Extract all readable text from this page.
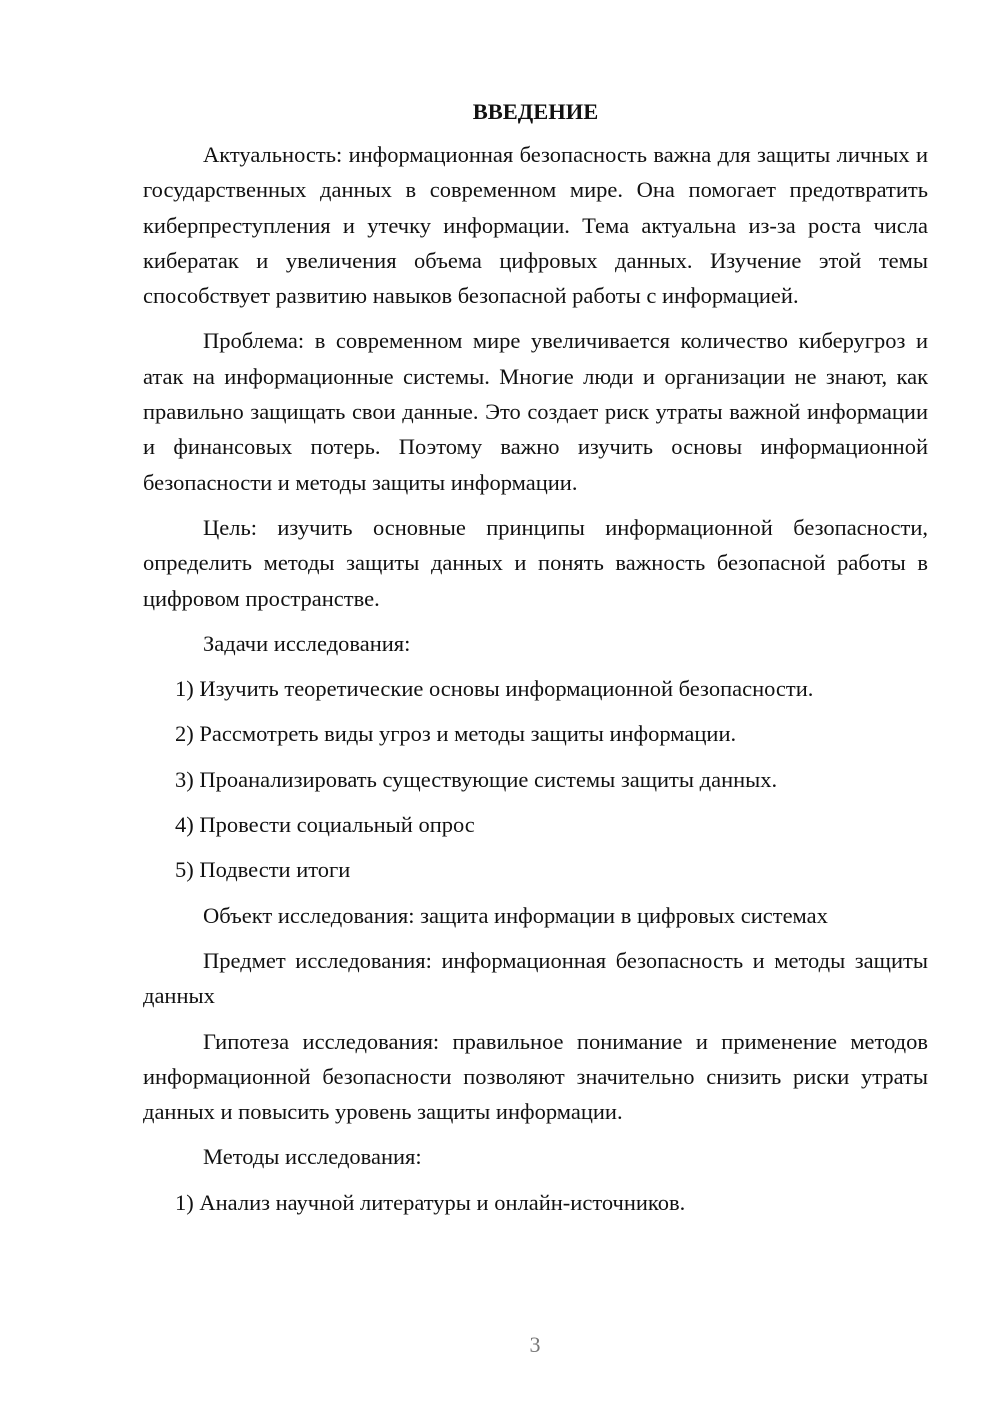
ВВЕДЕНИЕ

Актуальность: информационная безопасность важна для защиты личных и государственных данных в современном мире. Она помогает предотвратить киберпреступления и утечку информации. Тема актуальна из-за роста числа кибератак и увеличения объема цифровых данных. Изучение этой темы способствует развитию навыков безопасной работы с информацией.

Проблема: в современном мире увеличивается количество киберугроз и атак на информационные системы. Многие люди и организации не знают, как правильно защищать свои данные. Это создает риск утраты важной информации и финансовых потерь. Поэтому важно изучить основы информационной безопасности и методы защиты информации.

Цель: изучить основные принципы информационной безопасности, определить методы защиты данных и понять важность безопасной работы в цифровом пространстве.

Задачи исследования:

1) Изучить теоретические основы информационной безопасности.
2) Рассмотреть виды угроз и методы защиты информации.
3) Проанализировать существующие системы защиты данных.
4) Провести социальный опрос
5) Подвести итоги

Объект исследования: защита информации в цифровых системах

Предмет исследования: информационная безопасность и методы защиты данных

Гипотеза исследования: правильное понимание и применение методов информационной безопасности позволяют значительно снизить риски утраты данных и повысить уровень защиты информации.

Методы исследования:

1) Анализ научной литературы и онлайн-источников.
3
